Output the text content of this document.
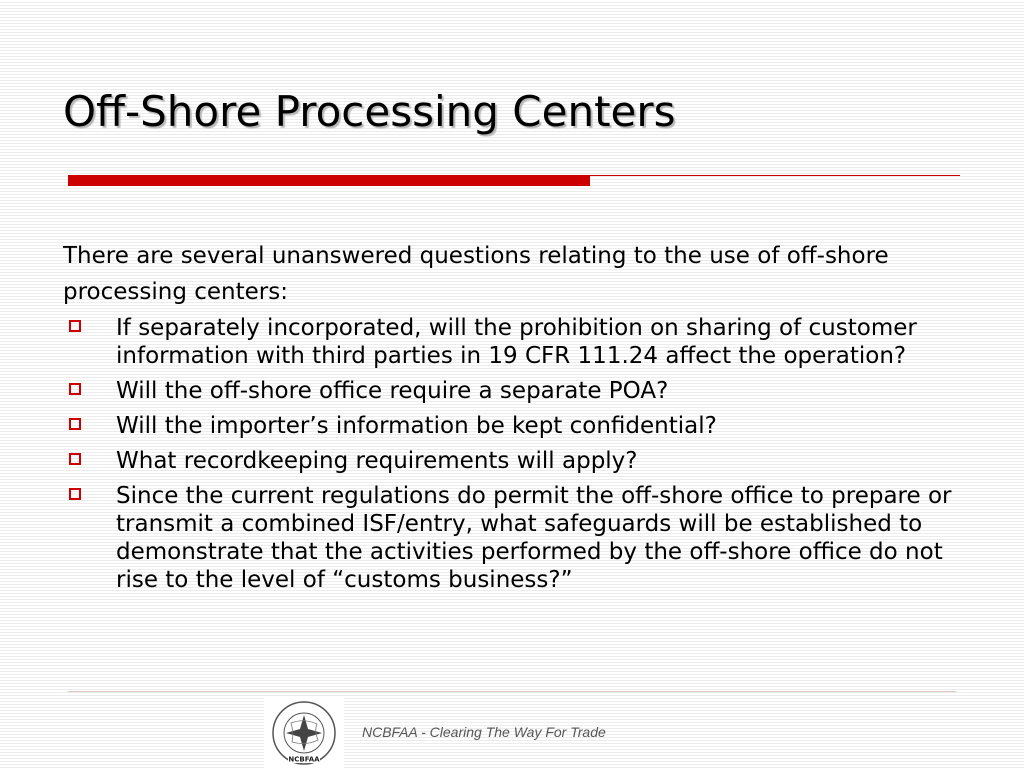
Off-Shore Processing Centers

There are several unanswered questions relating to the use of off-shore processing centers:

If separately incorporated, will the prohibition on sharing of customer information with third parties in 19 CFR 111.24 affect the operation?
Will the off-shore office require a separate POA?
Will the importer’s information be kept confidential?
What recordkeeping requirements will apply?
Since the current regulations do permit the off-shore office to prepare or transmit a combined ISF/entry, what safeguards will be established to demonstrate that the activities performed by the off-shore office do not rise to the level of “customs business?”
NCBFAA
NCBFAA - Clearing The Way For Trade
